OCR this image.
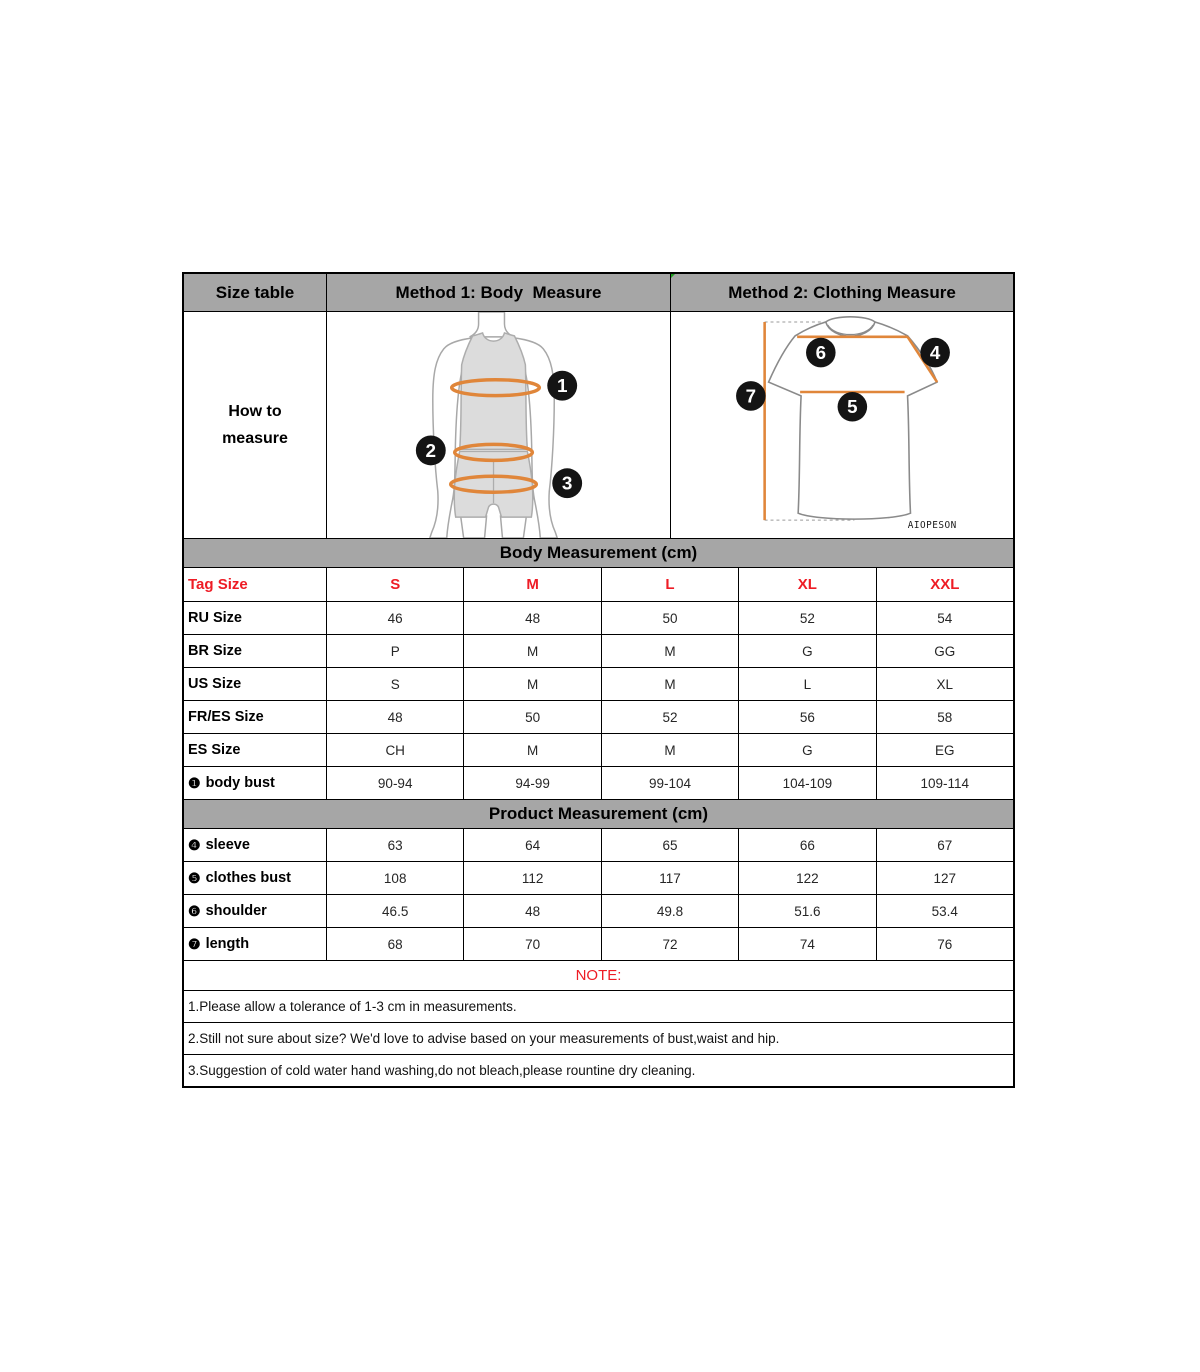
Size table	Method 1: Body  Measure	Method 2: Clothing Measure
How to
measure
1
2
3
6	4
5
7
AIOPESON
Body Measurement (cm)
Tag Size	S	M	L	XL	XXL
RU Size	46	48	50	52	54
BR Size	P	M	M	G	GG
US Size	S	M	M	L	XL
FR/ES Size	48	50	52	56	58
ES Size	CH	M	M	G	EG
❶ body bust	90-94	94-99	99-104	104-109	109-114
Product Measurement (cm)
❹ sleeve	63	64	65	66	67
❺ clothes bust	108	112	117	122	127
❻ shoulder	46.5	48	49.8	51.6	53.4
❼ length	68	70	72	74	76
NOTE:
1.Please allow a tolerance of 1-3 cm in measurements.
2.Still not sure about size? We'd love to advise based on your measurements of bust,waist and hip.
3.Suggestion of cold water hand washing,do not bleach,please rountine dry cleaning.
